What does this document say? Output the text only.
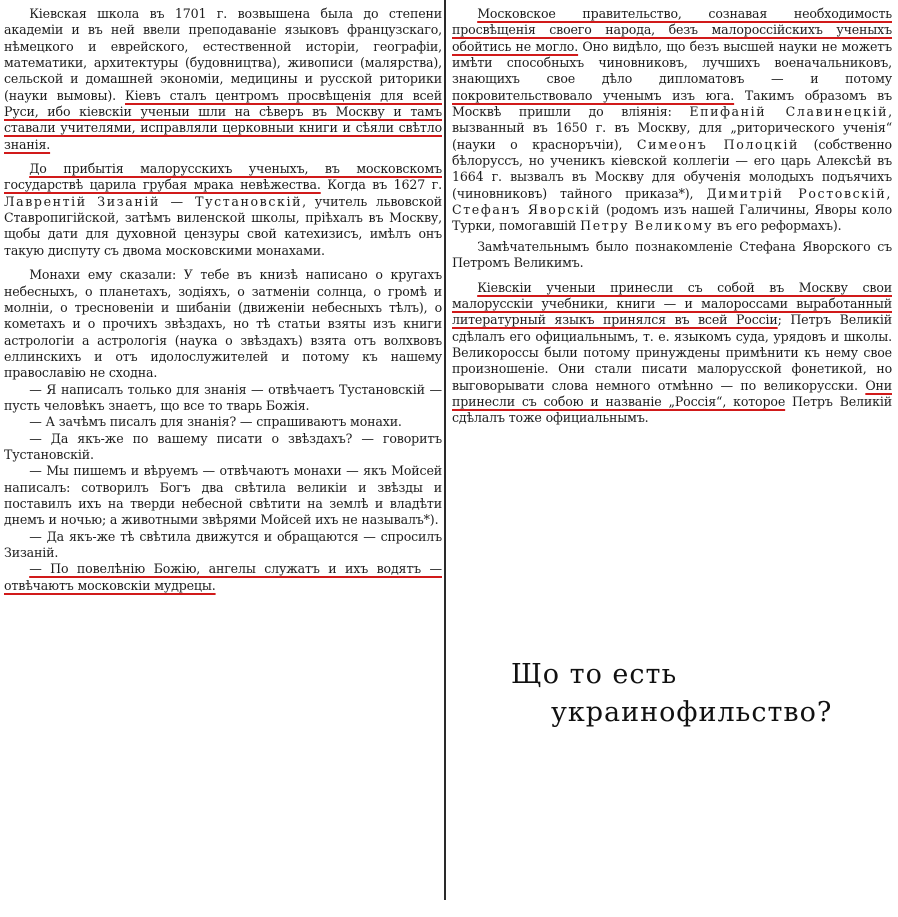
Кіевская школа въ 1701 г. возвышена была до степени академіи и въ ней ввели преподаваніе языковъ французскаго, нѣмецкого и еврейского, естественной исторіи, географіи, математики, архитектуры (будовництва), живописи (малярства), сельской и домашней экономіи, медицины и русской риторики (науки вымовы). Кіевъ сталъ центромъ просвѣщенія для всей Руси, ибо кіевскіи ученыи шли на сѣверъ въ Москву и тамъ ставали учителями, исправляли церковныи книги и сѣяли свѣтло знанія.

До прибытія малорусскихъ ученыхъ, въ московскомъ государствѣ царила грубая мрака невѣжества. Когда въ 1627 г. Лаврентій Зизаній — Тустановскій, учитель львовской Ставропигійской, затѣмъ виленской школы, пріѣхалъ въ Москву, щобы дати для духовной цензуры свой катехизисъ, имѣлъ онъ такую диспуту съ двома московскими монахами.

Монахи ему сказали: У тебе въ книзѣ написано о кругахъ небесныхъ, о планетахъ, зодіяхъ, о затменіи солнца, о громѣ и молніи, о тресновеніи и шибаніи (движеніи небесныхъ тѣлъ), о кометахъ и о прочихъ звѣздахъ, но тѣ статьи взяты изъ книги астрологіи а астрологія (наука о звѣздахъ) взята отъ волхвовъ еллинскихъ и отъ идолослужителей и потому къ нашему православію не сходна.

— Я написалъ только для знанія — отвѣчаетъ Тустановскій — пусть человѣкъ знаетъ, що все то тварь Божія.

— А зачѣмъ писалъ для знанія? — спрашиваютъ монахи.

— Да якъ-же по вашему писати о звѣздахъ? — говоритъ Тустановскій.

— Мы пишемъ и вѣруемъ — отвѣчаютъ монахи — якъ Мойсей написалъ: сотворилъ Богъ два свѣтила великіи и звѣзды и поставилъ ихъ на тверди небесной свѣтити на землѣ и владѣти днемъ и ночью; а животными звѣрями Мойсей ихъ не называлъ*).

— Да якъ-же тѣ свѣтила движутся и обращаются — спросилъ Зизаній.

— По повелѣнію Божію, ангелы служатъ и ихъ водятъ — отвѣчаютъ московскіи мудрецы.

Московское правительство, сознавая необходимость просвѣщенія своего народа, безъ малороссійскихъ ученыхъ обойтись не могло. Оно видѣло, що безъ высшей науки не можетъ имѣти способныхъ чиновниковъ, лучшихъ военачальниковъ, знающихъ свое дѣло дипломатовъ — и потому покровительствовало ученымъ изъ юга. Такимъ образомъ въ Москвѣ пришли до вліянія: Епифаній Славинецкій, вызванный въ 1650 г. въ Москву, для „риторического ученія“ (науки о красноръчіи), Симеонъ Полоцкій (собственно бѣлоруссъ, но ученикъ кіевской коллегіи — его царь Алексѣй въ 1664 г. вызвалъ въ Москву для обученія молодыхъ подъячихъ (чиновниковъ) тайного приказа*), Димитрій Ростовскій, Стефанъ Яворскій (родомъ изъ нашей Галичины, Яворы коло Турки, помогавшій Петру Великому въ его реформахъ).

Замѣчательнымъ было познакомленіе Стефана Яворского съ Петромъ Великимъ.

Кіевскіи ученыи принесли съ собой въ Москву свои малорусскіи учебники, книги — и малороссами выработанный литературный языкъ принялся въ всей Россіи; Петръ Великій сдѣлалъ его официальнымъ, т. е. языкомъ суда, урядовъ и школы. Великороссы были потому принуждены примѣнити къ нему свое произношеніе. Они стали писати малорусской фонетикой, но выговорывати слова немного отмѣнно — по великорусски. Они принесли съ собою и названіе „Россія“, которое Петръ Великій сдѣлалъ тоже официальнымъ.

Що то есть
украинофильство?
